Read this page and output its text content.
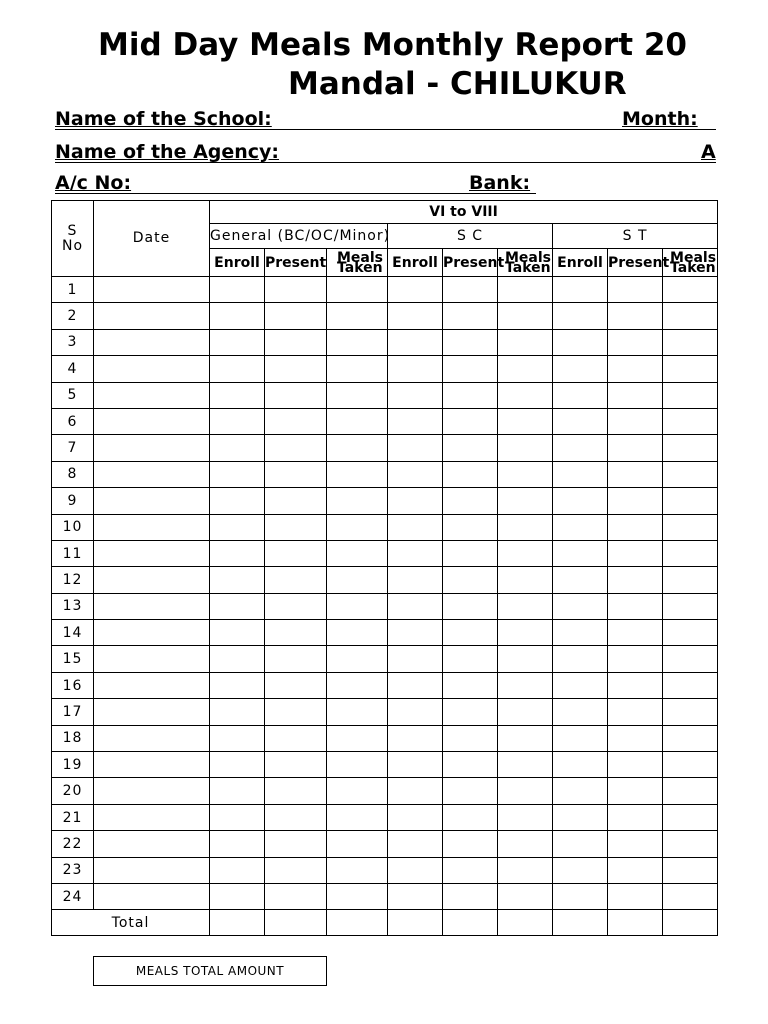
Mid Day Meals Monthly Report 20
Mandal - CHILUKUR
Name of the School:	Month:
Name of the Agency:	A
A/c No:	Bank:
S No	Date	VI to VIII								
		General (BC/OC/Minor)			S C			S T		
		Enroll	Present	Meals Taken	Enroll	Present	Meals Taken	Enroll	Present	Meals Taken
1										
2										
3										
4										
5										
6										
7										
8										
9										
10										
11										
12										
13										
14										
15										
16										
17										
18										
19										
20										
21										
22										
23										
24										
Total										
MEALS TOTAL AMOUNT
